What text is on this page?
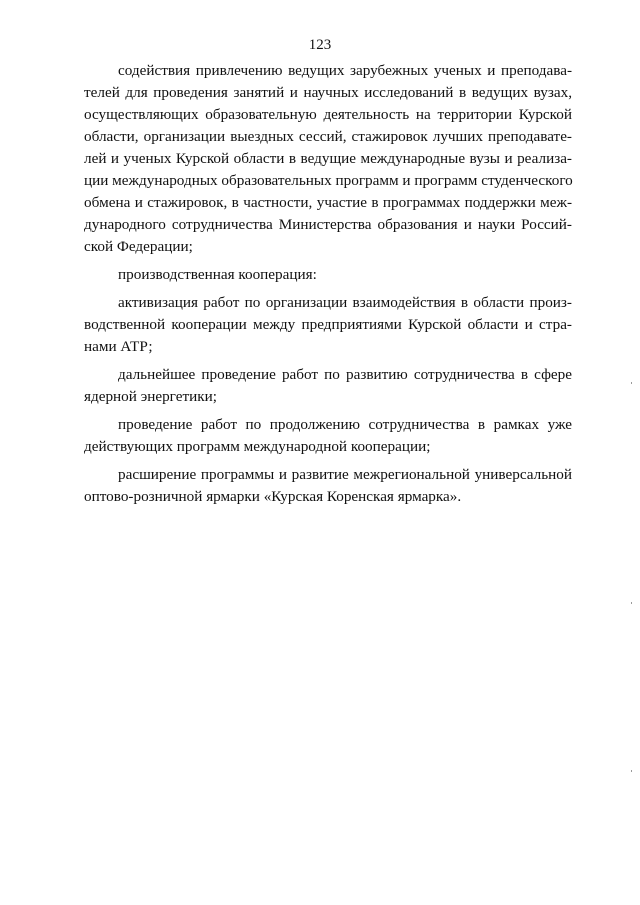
123
содействия привлечению ведущих зарубежных ученых и преподава-
телей для проведения занятий и научных исследований в ведущих вузах,
осуществляющих образовательную деятельность на территории Курской
области, организации выездных сессий, стажировок лучших преподавате-
лей и ученых Курской области в ведущие международные вузы и реализа-
ции международных образовательных программ и программ студенческого
обмена и стажировок, в частности, участие в программах поддержки меж-
дународного сотрудничества Министерства образования и науки Россий-
ской Федерации;
производственная кооперация:
активизация работ по организации взаимодействия в области произ-
водственной кооперации между предприятиями Курской области и стра-
нами АТР;
дальнейшее проведение работ по развитию сотрудничества в сфере
ядерной энергетики;
проведение работ по продолжению сотрудничества в рамках уже
действующих программ международной кооперации;
расширение программы и развитие межрегиональной универсальной
оптово-розничной ярмарки «Курская Коренская ярмарка».
